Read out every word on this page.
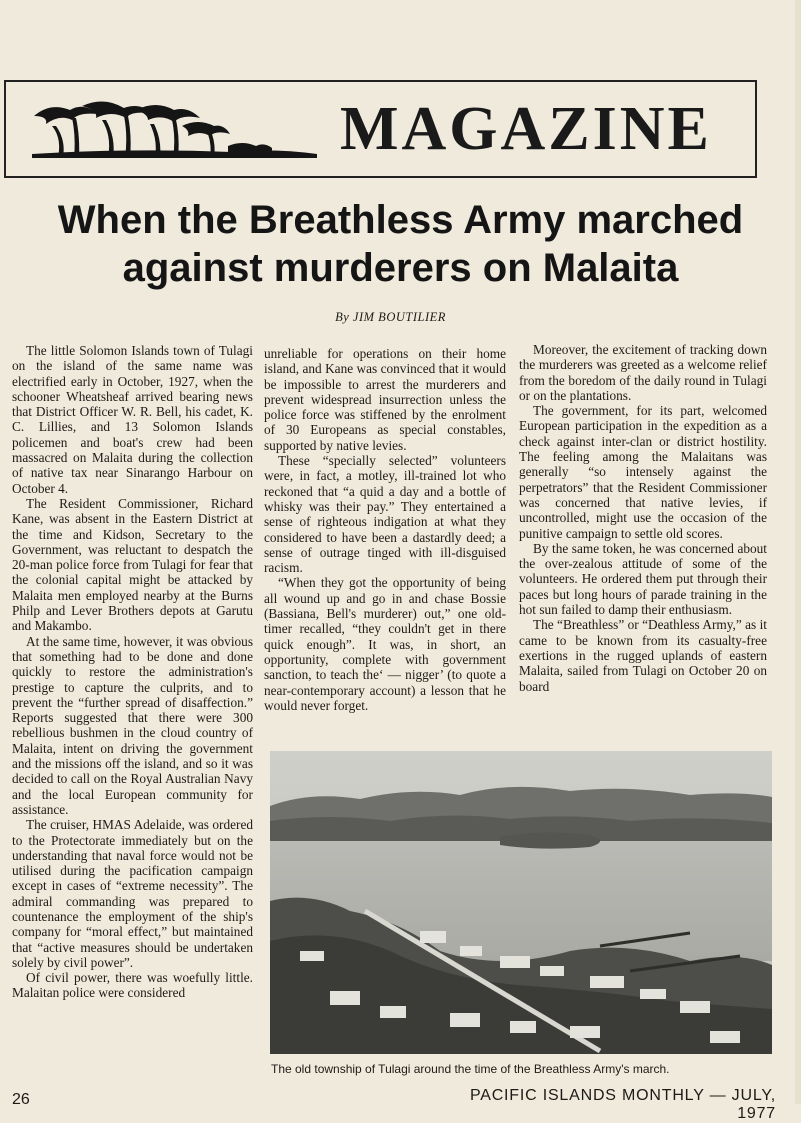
MAGAZINE
When the Breathless Army marched
against murderers on Malaita
By JIM BOUTILIER

The little Solomon Islands town of Tulagi on the island of the same name was electrified early in October, 1927, when the schooner Wheatsheaf arrived bearing news that District Officer W. R. Bell, his cadet, K. C. Lillies, and 13 Solomon Islands policemen and boat's crew had been massacred on Malaita during the collection of native tax near Sinarango Harbour on October 4.

The Resident Commissioner, Richard Kane, was absent in the Eastern District at the time and Kidson, Secretary to the Government, was reluctant to despatch the 20-man police force from Tulagi for fear that the colonial capital might be attacked by Malaita men employed nearby at the Burns Philp and Lever Brothers depots at Garutu and Makambo.

At the same time, however, it was obvious that something had to be done and done quickly to restore the administration's prestige to capture the culprits, and to prevent the “further spread of disaffection.” Reports suggested that there were 300 rebellious bushmen in the cloud country of Malaita, intent on driving the government and the missions off the island, and so it was decided to call on the Royal Australian Navy and the local European community for assistance.

The cruiser, HMAS Adelaide, was ordered to the Protectorate immediately but on the understanding that naval force would not be utilised during the pacification campaign except in cases of “extreme necessity”. The admiral commanding was prepared to countenance the employment of the ship's company for “moral effect,” but maintained that “active measures should be undertaken solely by civil power”.

Of civil power, there was woefully little. Malaitan police were considered

unreliable for operations on their home island, and Kane was convinced that it would be impossible to arrest the murderers and prevent widespread insurrection unless the police force was stiffened by the enrolment of 30 Europeans as special constables, supported by native levies.

These “specially selected” volunteers were, in fact, a motley, ill-trained lot who reckoned that “a quid a day and a bottle of whisky was their pay.” They entertained a sense of righteous indigation at what they considered to have been a dastardly deed; a sense of outrage tinged with ill-disguised racism.

“When they got the opportunity of being all wound up and go in and chase Bossie (Bassiana, Bell's murderer) out,” one old-timer recalled, “they couldn't get in there quick enough”. It was, in short, an opportunity, complete with government sanction, to teach the‘ — nigger’ (to quote a near-contemporary account) a lesson that he would never forget.

Moreover, the excitement of tracking down the murderers was greeted as a welcome relief from the boredom of the daily round in Tulagi or on the plantations.

The government, for its part, welcomed European participation in the expedition as a check against inter-clan or district hostility. The feeling among the Malaitans was generally “so intensely against the perpetrators” that the Resident Commissioner was concerned that native levies, if uncontrolled, might use the occasion of the punitive campaign to settle old scores.

By the same token, he was concerned about the over-zealous attitude of some of the volunteers. He ordered them put through their paces but long hours of parade training in the hot sun failed to damp their enthusiasm.

The “Breathless” or “Deathless Army,” as it came to be known from its casualty-free exertions in the rugged uplands of eastern Malaita, sailed from Tulagi on October 20 on board

The old township of Tulagi around the time of the Breathless Army's march.
26	PACIFIC ISLANDS MONTHLY — JULY, 1977
